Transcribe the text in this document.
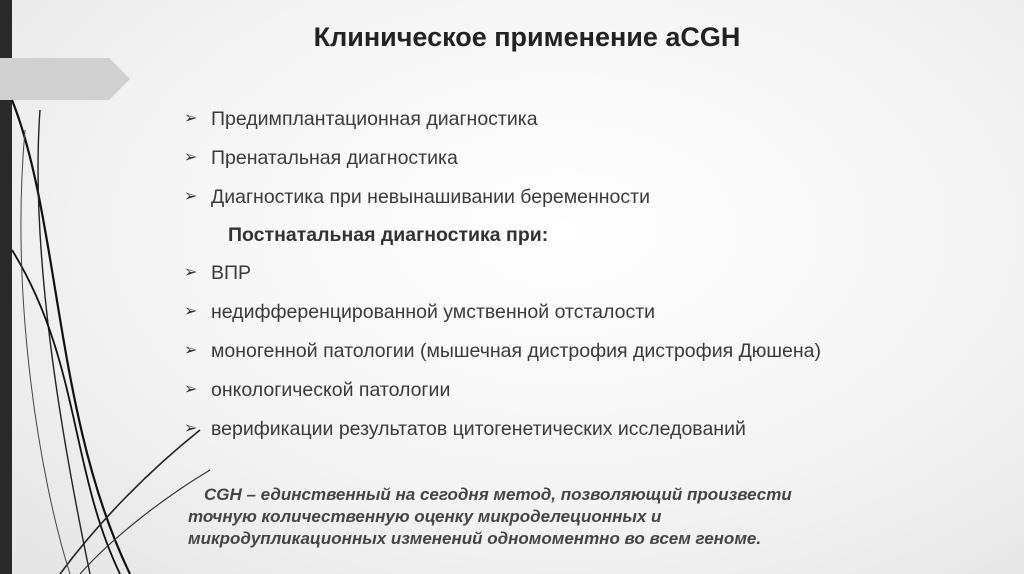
Клиническое применение aCGH
➢ Предимплантационная диагностика
➢ Пренатальная диагностика
➢ Диагностика при невынашивании беременности
Постнатальная диагностика при:
➢ ВПР
➢ недифференцированной умственной отсталости
➢ моногенной патологии (мышечная дистрофия дистрофия Дюшена)
➢ онкологической патологии
➢ верификации результатов цитогенетических исследований
CGH – единственный на сегодня метод, позволяющий произвести
точную количественную оценку микроделеционных и
микродупликационных изменений одномоментно во всем геноме.
